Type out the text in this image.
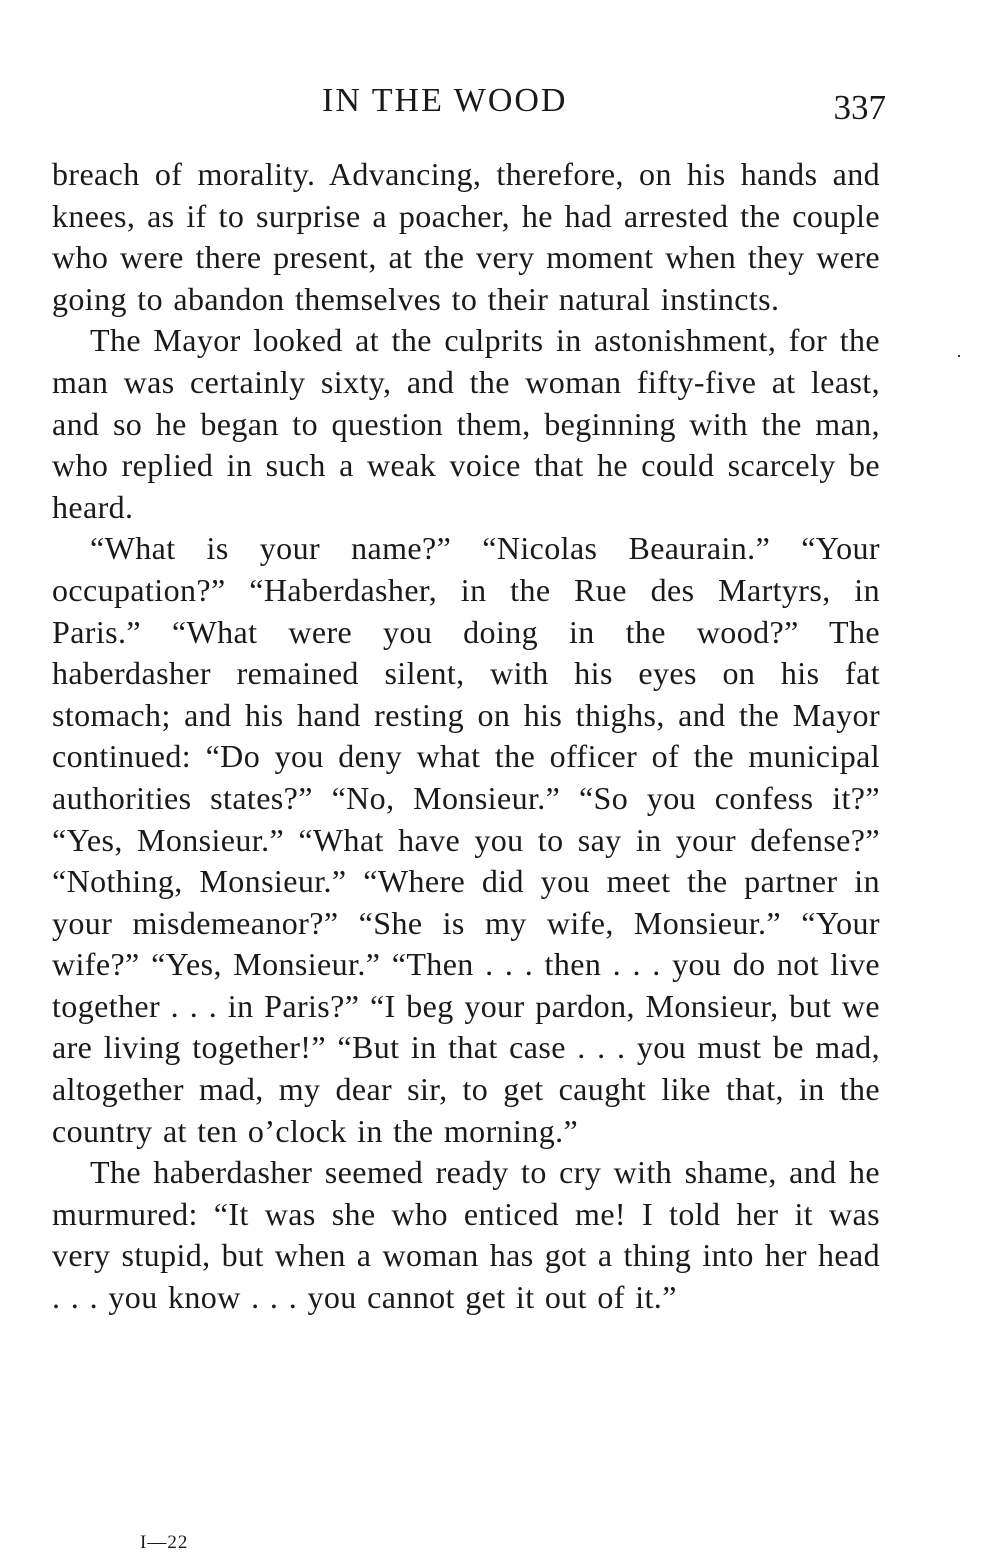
IN THE WOOD	337

breach of morality. Advancing, therefore, on his hands and knees, as if to surprise a poacher, he had arrested the couple who were there present, at the very moment when they were going to abandon themselves to their natural instincts.

The Mayor looked at the culprits in astonishment, for the man was certainly sixty, and the woman fifty-five at least, and so he began to question them, beginning with the man, who replied in such a weak voice that he could scarcely be heard.

“What is your name?” “Nicolas Beaurain.” “Your occupation?” “Haberdasher, in the Rue des Martyrs, in Paris.” “What were you doing in the wood?” The haberdasher remained silent, with his eyes on his fat stomach; and his hand resting on his thighs, and the Mayor continued: “Do you deny what the officer of the municipal authorities states?” “No, Monsieur.” “So you confess it?” “Yes, Monsieur.” “What have you to say in your defense?” “Nothing, Monsieur.” “Where did you meet the partner in your misdemeanor?” “She is my wife, Monsieur.” “Your wife?” “Yes, Monsieur.” “Then . . . then . . . you do not live together . . . in Paris?” “I beg your pardon, Monsieur, but we are living together!” “But in that case . . . you must be mad, altogether mad, my dear sir, to get caught like that, in the country at ten o’clock in the morning.”

The haberdasher seemed ready to cry with shame, and he murmured: “It was she who enticed me! I told her it was very stupid, but when a woman has got a thing into her head . . . you know . . . you cannot get it out of it.”

I—22
